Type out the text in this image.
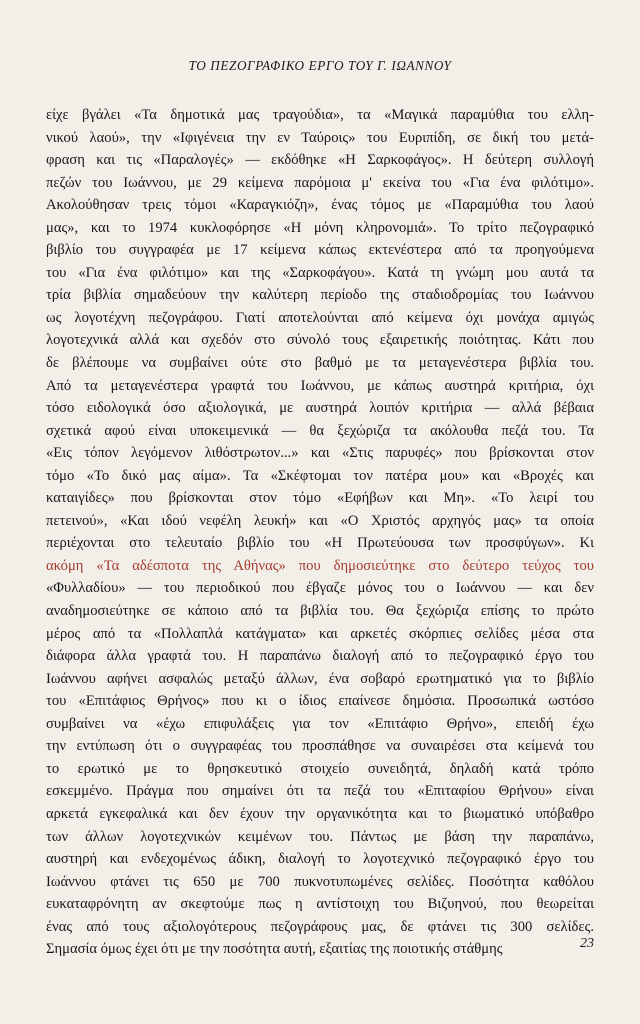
ΤΟ ΠΕΖΟΓΡΑΦΙΚΟ ΕΡΓΟ ΤΟΥ Γ. ΙΩΑΝΝΟΥ

είχε βγάλει «Τα δημοτικά μας τραγούδια», τα «Μαγικά παραμύθια του ελλη-
νικού λαού», την «Ιφιγένεια την εν Ταύροις» του Ευριπίδη, σε δική του μετά-
φραση και τις «Παραλογές» — εκδόθηκε «Η Σαρκοφάγος». Η δεύτερη συλλογή
πεζών του Ιωάννου, με 29 κείμενα παρόμοια μ' εκείνα του «Για ένα φιλότιμο».
Ακολούθησαν τρεις τόμοι «Καραγκιόζη», ένας τόμος με «Παραμύθια του λαού
μας», και το 1974 κυκλοφόρησε «Η μόνη κληρονομιά». Το τρίτο πεζογραφικό
βιβλίο του συγγραφέα με 17 κείμενα κάπως εκτενέστερα από τα προηγούμενα
του «Για ένα φιλότιμο» και της «Σαρκοφάγου». Κατά τη γνώμη μου αυτά τα
τρία βιβλία σημαδεύουν την καλύτερη περίοδο της σταδιοδρομίας του Ιωάννου
ως λογοτέχνη πεζογράφου. Γιατί αποτελούνται από κείμενα όχι μονάχα αμιγώς
λογοτεχνικά αλλά και σχεδόν στο σύνολό τους εξαιρετικής ποιότητας. Κάτι που
δε βλέπουμε να συμβαίνει ούτε στο βαθμό με τα μεταγενέστερα βιβλία του.
Από τα μεταγενέστερα γραφτά του Ιωάννου, με κάπως αυστηρά κριτήρια, όχι
τόσο ειδολογικά όσο αξιολογικά, με αυστηρά λοιπόν κριτήρια — αλλά βέβαια
σχετικά αφού είναι υποκειμενικά — θα ξεχώριζα τα ακόλουθα πεζά του. Τα
«Εις τόπον λεγόμενον λιθόστρωτον...» και «Στις παρυφές» που βρίσκονται στον
τόμο «Το δικό μας αίμα». Τα «Σκέφτομαι τον πατέρα μου» και «Βροχές και
καταιγίδες» που βρίσκονται στον τόμο «Εφήβων και Μη». «Το λειρί του
πετεινού», «Και ιδού νεφέλη λευκή» και «Ο Χριστός αρχηγός μας» τα οποία
περιέχονται στο τελευταίο βιβλίο του «Η Πρωτεύουσα των προσφύγων». Κι
ακόμη «Τα αδέσποτα της Αθήνας» που δημοσιεύτηκε στο δεύτερο τεύχος του
«Φυλλαδίου» — του περιοδικού που έβγαζε μόνος του ο Ιωάννου — και δεν
αναδημοσιεύτηκε σε κάποιο από τα βιβλία του. Θα ξεχώριζα επίσης το πρώτο
μέρος από τα «Πολλαπλά κατάγματα» και αρκετές σκόρπιες σελίδες μέσα στα
διάφορα άλλα γραφτά του. Η παραπάνω διαλογή από το πεζογραφικό έργο του
Ιωάννου αφήνει ασφαλώς μεταξύ άλλων, ένα σοβαρό ερωτηματικό για το βιβλίο
του «Επιτάφιος Θρήνος» που κι ο ίδιος επαίνεσε δημόσια. Προσωπικά ωστόσο
συμβαίνει να «έχω επιφυλάξεις για τον «Επιτάφιο Θρήνο», επειδή έχω
την εντύπωση ότι ο συγγραφέας του προσπάθησε να συναιρέσει στα κείμενά του
το ερωτικό με το θρησκευτικό στοιχείο συνειδητά, δηλαδή κατά τρόπο
εσκεμμένο. Πράγμα που σημαίνει ότι τα πεζά του «Επιταφίου Θρήνου» είναι
αρκετά εγκεφαλικά και δεν έχουν την οργανικότητα και το βιωματικό υπόβαθρο
των άλλων λογοτεχνικών κειμένων του. Πάντως με βάση την παραπάνω,
αυστηρή και ενδεχομένως άδικη, διαλογή το λογοτεχνικό πεζογραφικό έργο του
Ιωάννου φτάνει τις 650 με 700 πυκνοτυπωμένες σελίδες. Ποσότητα καθόλου
ευκαταφρόνητη αν σκεφτούμε πως η αντίστοιχη του Βιζυηνού, που θεωρείται
ένας από τους αξιολογότερους πεζογράφους μας, δε φτάνει τις 300 σελίδες.
Σημασία όμως έχει ότι με την ποσότητα αυτή, εξαιτίας της ποιοτικής στάθμης	23
